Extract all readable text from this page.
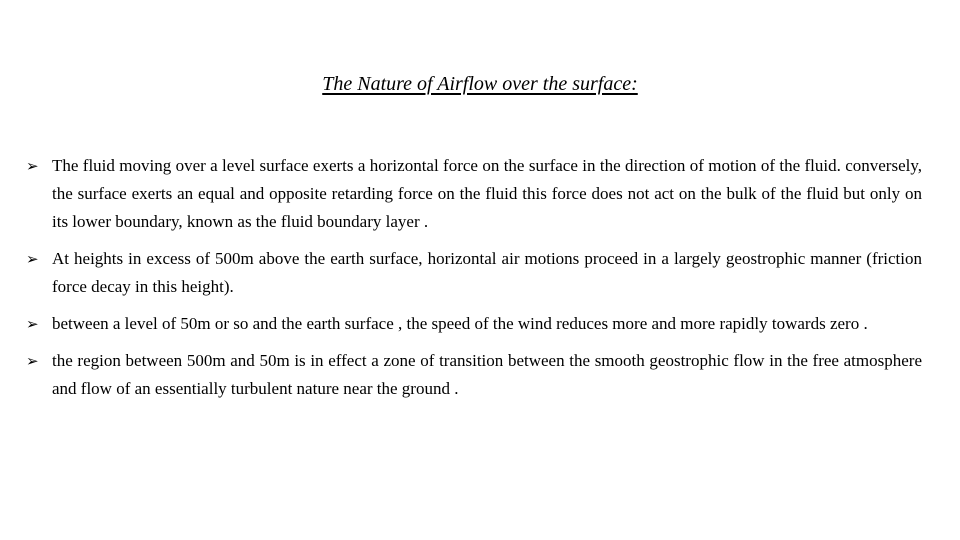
The Nature of Airflow over the surface:
➢ The fluid moving over a level surface exerts a horizontal force on the surface in the direction of motion of the fluid. conversely, the surface exerts an equal and opposite retarding force on the fluid this force does not act on the bulk of the fluid but only on its lower boundary, known as the fluid boundary layer .
➢ At heights in excess of 500m above the earth surface, horizontal air motions proceed in a largely geostrophic manner (friction force decay in this height).
➢ between a level of 50m or so and the earth surface , the speed of the wind reduces more and more rapidly towards zero .
➢ the region between 500m and 50m is in effect a zone of transition between the smooth geostrophic flow in the free atmosphere and flow of an essentially turbulent nature near the ground .
